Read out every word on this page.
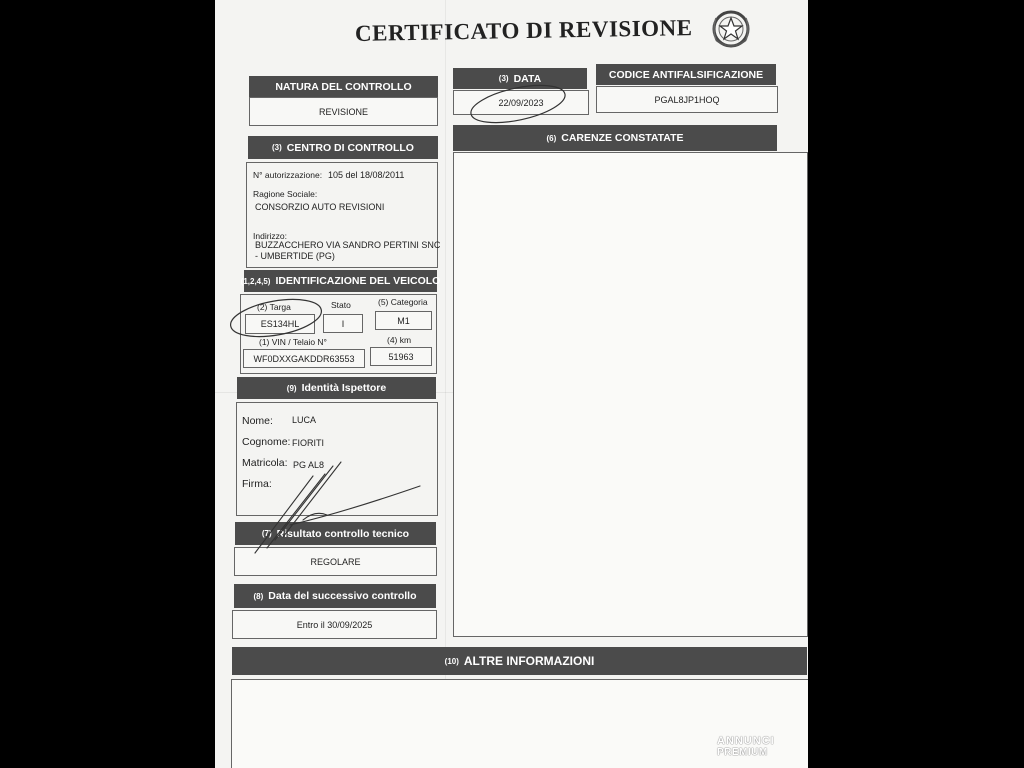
CERTIFICATO DI REVISIONE
NATURA DEL CONTROLLO
REVISIONE
(3) DATA
22/09/2023
CODICE ANTIFALSIFICAZIONE
PGAL8JP1HOQ
(3) CENTRO DI CONTROLLO
N° autorizzazione: 105 del 18/08/2011
Ragione Sociale:
CONSORZIO AUTO REVISIONI
Indirizzo:
BUZZACCHERO VIA SANDRO PERTINI SNC
- UMBERTIDE (PG)
(6) CARENZE CONSTATATE
(1,2,4,5) IDENTIFICAZIONE DEL VEICOLO
(2) Targa
ES134HL
Stato
I
(5) Categoria
M1
(1) VIN / Telaio N°
WF0DXXGAKDDR63553
(4) km
51963
(9) Identità Ispettore
Nome: LUCA
Cognome: FIORITI
Matricola: PG AL8
Firma:
(7) Risultato controllo tecnico
REGOLARE
(8) Data del successivo controllo
Entro il 30/09/2025
(10) ALTRE INFORMAZIONI
ANNUNCI
PREMIUM
